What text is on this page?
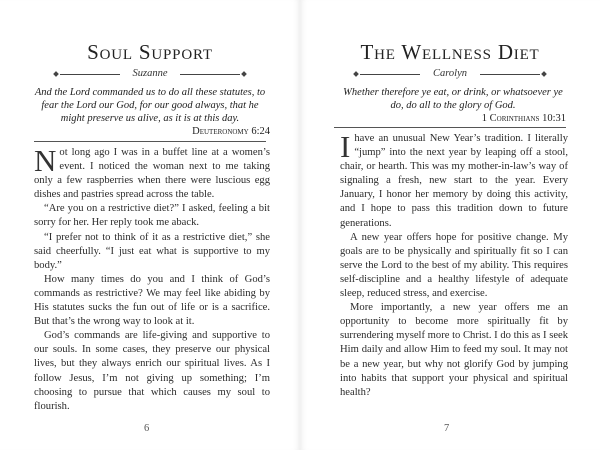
Soul Support
Suzanne
And the Lord commanded us to do all these statutes, to fear the Lord our God, for our good always, that he might preserve us alive, as it is at this day.
Deuteronomy 6:24

Not long ago I was in a buffet line at a women’s event. I noticed the woman next to me taking only a few raspberries when there were luscious egg dishes and pastries spread across the table.

“Are you on a restrictive diet?” I asked, feeling a bit sorry for her. Her reply took me aback.

“I prefer not to think of it as a restrictive diet,” she said cheerfully. “I just eat what is supportive to my body.”

How many times do you and I think of God’s commands as restrictive? We may feel like abiding by His statutes sucks the fun out of life or is a sacrifice. But that’s the wrong way to look at it.

God’s commands are life-giving and supportive to our souls. In some cases, they preserve our physical lives, but they always enrich our spiritual lives. As I follow Jesus, I’m not giving up something; I’m choosing to pursue that which causes my soul to flourish.

6
The Wellness Diet
Carolyn
Whether therefore ye eat, or drink, or whatsoever ye do, do all to the glory of God.
1 Corinthians 10:31

Ihave an unusual New Year’s tradition. I literally “jump” into the next year by leaping off a stool, chair, or hearth. This was my mother-in-law’s way of signaling a fresh, new start to the year. Every January, I honor her memory by doing this activity, and I hope to pass this tradition down to future generations.

A new year offers hope for positive change. My goals are to be physically and spiritually fit so I can serve the Lord to the best of my ability. This requires self-discipline and a healthy lifestyle of adequate sleep, reduced stress, and exercise.

More importantly, a new year offers me an opportunity to become more spiritually fit by surrendering myself more to Christ. I do this as I seek Him daily and allow Him to feed my soul. It may not be a new year, but why not glorify God by jumping into habits that support your physical and spiritual health?

7
